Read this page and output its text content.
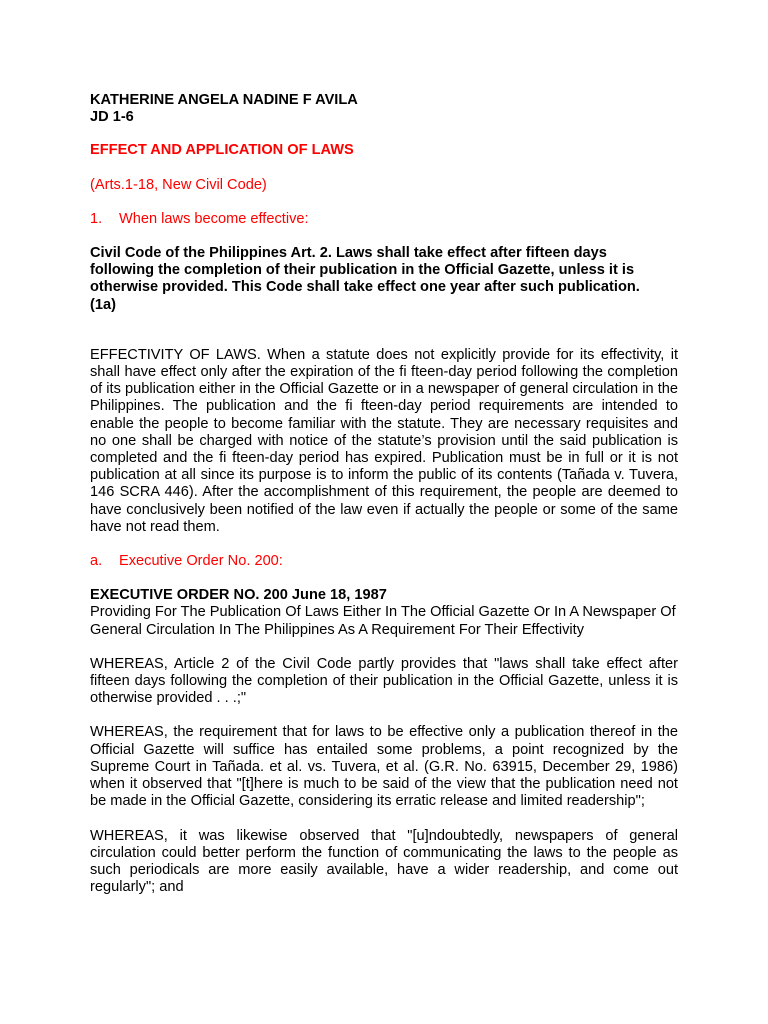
KATHERINE ANGELA NADINE F AVILA

JD 1-6

EFFECT AND APPLICATION OF LAWS

(Arts.1-18, New Civil Code)

1.	When laws become effective:

Civil Code of the Philippines Art. 2. Laws shall take effect after fifteen days following the completion of their publication in the Official Gazette, unless it is otherwise provided. This Code shall take effect one year after such publication. (1a)

EFFECTIVITY OF LAWS. When a statute does not explicitly provide for its effectivity, it shall have effect only after the expiration of the fi fteen-day period following the completion of its publication either in the Official Gazette or in a newspaper of general circulation in the Philippines. The publication and the fi fteen-day period requirements are intended to enable the people to become familiar with the statute. They are necessary requisites and no one shall be charged with notice of the statute’s provision until the said publication is completed and the fi fteen-day period has expired. Publication must be in full or it is not publication at all since its purpose is to inform the public of its contents (Tañada v. Tuvera, 146 SCRA 446). After the accomplishment of this requirement, the people are deemed to have conclusively been notified of the law even if actually the people or some of the same have not read them.

a.	Executive Order No. 200:

EXECUTIVE ORDER NO. 200 June 18, 1987

Providing For The Publication Of Laws Either In The Official Gazette Or In A Newspaper Of General Circulation In The Philippines As A Requirement For Their Effectivity

WHEREAS, Article 2 of the Civil Code partly provides that "laws shall take effect after fifteen days following the completion of their publication in the Official Gazette, unless it is otherwise provided . . .;"

WHEREAS, the requirement that for laws to be effective only a publication thereof in the Official Gazette will suffice has entailed some problems, a point recognized by the Supreme Court in Tañada. et al. vs. Tuvera, et al. (G.R. No. 63915, December 29, 1986) when it observed that "[t]here is much to be said of the view that the publication need not be made in the Official Gazette, considering its erratic release and limited readership";

WHEREAS, it was likewise observed that "[u]ndoubtedly, newspapers of general circulation could better perform the function of communicating the laws to the people as such periodicals are more easily available, have a wider readership, and come out regularly"; and
